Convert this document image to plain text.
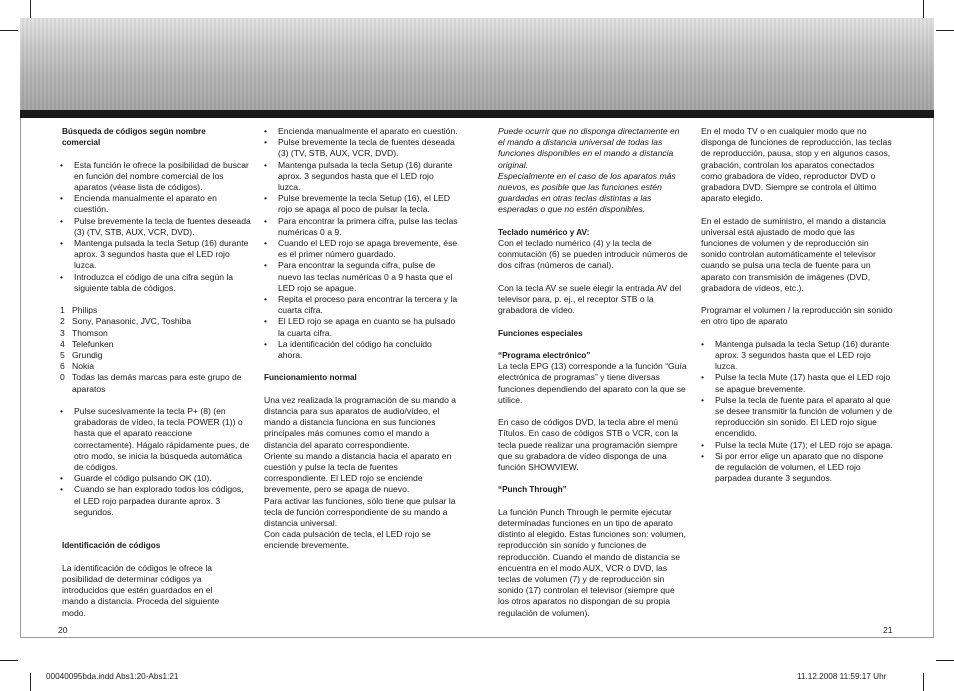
Búsqueda de códigos según nombre comercial
• Esta función le ofrece la posibilidad de buscar en función del nombre comercial de los aparatos (véase lista de códigos).
• Encienda manualmente el aparato en cuestión.
• Pulse brevemente la tecla de fuentes deseada (3) (TV, STB, AUX, VCR, DVD).
• Mantenga pulsada la tecla Setup (16) durante aprox. 3 segundos hasta que el LED rojo luzca.
• Introduzca el código de una cifra según la siguiente tabla de códigos.
1 Philips
2 Sony, Panasonic, JVC, Toshiba
3 Thomson
4 Telefunken
5 Grundig
6 Nokia
0 Todas las demás marcas para este grupo de aparatos
• Pulse sucesivamente la tecla P+ (8) (en grabadoras de vídeo, la tecla POWER (1)) o hasta que el aparato reaccione correctamente). Hágalo rápidamente pues, de otro modo, se inicia la búsqueda automática de códigos.
• Guarde el código pulsando OK (10).
• Cuando se han explorado todos los códigos, el LED rojo parpadea durante aprox. 3 segundos.
Identificación de códigos

La identificación de códigos le ofrece la posibilidad de determinar códigos ya introducidos que estén guardados en el mando a distancia. Proceda del siguiente modo.

• Encienda manualmente el aparato en cuestión.
• Pulse brevemente la tecla de fuentes deseada (3) (TV, STB, AUX, VCR, DVD).
• Mantenga pulsada la tecla Setup (16) durante aprox. 3 segundos hasta que el LED rojo luzca.
• Pulse brevemente la tecla Setup (16), el LED rojo se apaga al poco de pulsar la tecla.
• Para encontrar la primera cifra, pulse las teclas numéricas 0 a 9.
• Cuando el LED rojo se apaga brevemente, ése es el primer número guardado.
• Para encontrar la segunda cifra, pulse de nuevo las teclas numéricas 0 a 9 hasta que el LED rojo se apague.
• Repita el proceso para encontrar la tercera y la cuarta cifra.
• El LED rojo se apaga en cuanto se ha pulsado la cuarta cifra.
• La identificación del código ha concluido ahora.
Funcionamiento normal

Una vez realizada la programación de su mando a distancia para sus aparatos de audio/vídeo, el mando a distancia funciona en sus funciones principales más comunes como el mando a distancia del aparato correspondiente.

Oriente su mando a distancia hacia el aparato en cuestión y pulse la tecla de fuentes correspondiente. El LED rojo se enciende brevemente, pero se apaga de nuevo.

Para activar las funciones, sólo tiene que pulsar la tecla de función correspondiente de su mando a distancia universal.

Con cada pulsación de tecla, el LED rojo se enciende brevemente.

Puede ocurrir que no disponga directamente en el mando a distancia universal de todas las funciones disponibles en el mando a distancia original.

Especialmente en el caso de los aparatos más nuevos, es posible que las funciones estén guardadas en otras teclas distintas a las esperadas o que no estén disponibles.

Teclado numérico y AV:

Con el teclado numérico (4) y la tecla de conmutación (6) se pueden introducir números de dos cifras (números de canal).

Con la tecla AV se suele elegir la entrada AV del televisor para, p. ej., el receptor STB o la grabadora de vídeo.

Funciones especiales
“Programa electrónico”

La tecla EPG (13) corresponde a la función “Guía electrónica de programas” y tiene diversas funciones dependiendo del aparato con la que se utilice.

En caso de códigos DVD, la tecla abre el menú Títulos. En caso de códigos STB o VCR, con la tecla puede realizar una programación siempre que su grabadora de vídeo disponga de una función SHOWVIEW.

“Punch Through”

La función Punch Through le permite ejecutar determinadas funciones en un tipo de aparato distinto al elegido. Estas funciones son: volumen, reproducción sin sonido y funciones de reproducción. Cuando el mando de distancia se encuentra en el modo AUX, VCR o DVD, las teclas de volumen (7) y de reproducción sin sonido (17) controlan el televisor (siempre que los otros aparatos no dispongan de su propia regulación de volumen).

En el modo TV o en cualquier modo que no disponga de funciones de reproducción, las teclas de reproducción, pausa, stop y en algunos casos, grabación, controlan los aparatos conectados como grabadora de vídeo, reproductor DVD o grabadora DVD. Siempre se controla el último aparato elegido.

En el estado de suministro, el mando a distancia universal está ajustado de modo que las funciones de volumen y de reproducción sin sonido controlan automáticamente el televisor cuando se pulsa una tecla de fuente para un aparato con transmisión de imágenes (DVD, grabadora de vídeos, etc.).

Programar el volumen / la reproducción sin sonido en otro tipo de aparato

• Mantenga pulsada la tecla Setup (16) durante aprox. 3 segundos hasta que el LED rojo luzca.
• Pulse la tecla Mute (17) hasta que el LED rojo se apague brevemente.
• Pulse la tecla de fuente para el aparato al que se desee transmitir la función de volumen y de reproducción sin sonido. El LED rojo sigue encendido.
• Pulse la tecla Mute (17); el LED rojo se apaga.
• Si por error elige un aparato que no dispone de regulación de volumen, el LED rojo parpadea durante 3 segundos.
20	21
00040095bda.indd Abs1:20-Abs1:21	11.12.2008 11:59:17 Uhr
